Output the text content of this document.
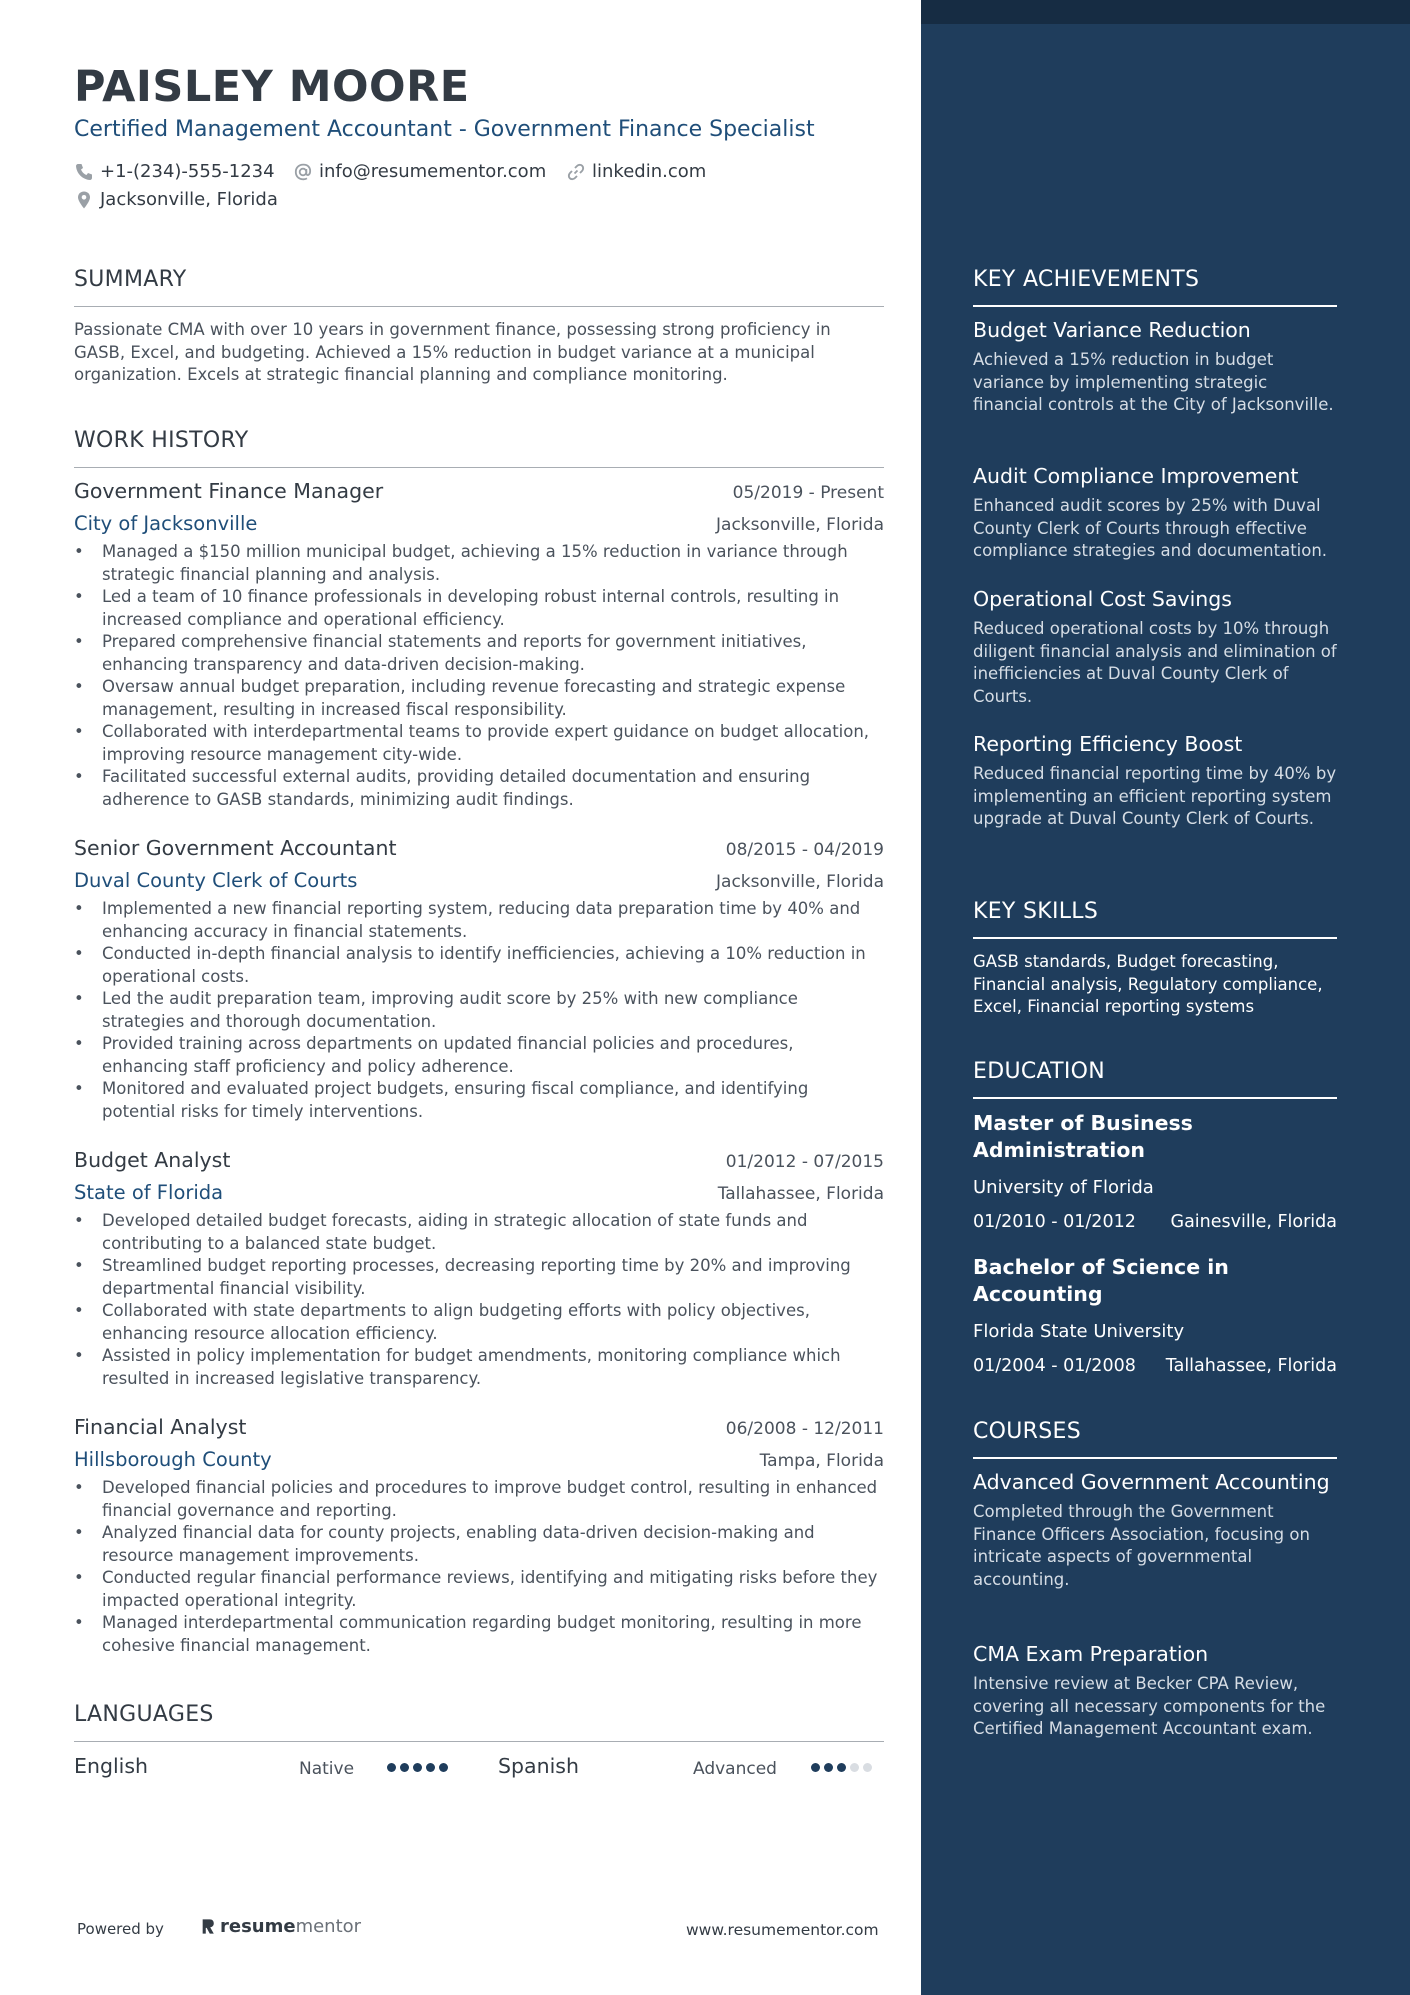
PAISLEY MOORE
Certified Management Accountant - Government Finance Specialist
+1-(234)-555-1234 info@resumementor.com	linkedin.com
Jacksonville, Florida
SUMMARY
Passionate CMA with over 10 years in government finance, possessing strong proficiency in GASB, Excel, and budgeting. Achieved a 15% reduction in budget variance at a municipal organization. Excels at strategic financial planning and compliance monitoring.
WORK HISTORY
Government Finance Manager	05/2019 - Present
City of Jacksonville	Jacksonville, Florida
• Managed a $150 million municipal budget, achieving a 15% reduction in variance through strategic financial planning and analysis.
• Led a team of 10 finance professionals in developing robust internal controls, resulting in increased compliance and operational efficiency.
• Prepared comprehensive financial statements and reports for government initiatives, enhancing transparency and data-driven decision-making.
• Oversaw annual budget preparation, including revenue forecasting and strategic expense management, resulting in increased fiscal responsibility.
• Collaborated with interdepartmental teams to provide expert guidance on budget allocation, improving resource management city-wide.
• Facilitated successful external audits, providing detailed documentation and ensuring adherence to GASB standards, minimizing audit findings.
Senior Government Accountant	08/2015 - 04/2019
Duval County Clerk of Courts	Jacksonville, Florida
• Implemented a new financial reporting system, reducing data preparation time by 40% and enhancing accuracy in financial statements.
• Conducted in-depth financial analysis to identify inefficiencies, achieving a 10% reduction in operational costs.
• Led the audit preparation team, improving audit score by 25% with new compliance strategies and thorough documentation.
• Provided training across departments on updated financial policies and procedures, enhancing staff proficiency and policy adherence.
• Monitored and evaluated project budgets, ensuring fiscal compliance, and identifying potential risks for timely interventions.
Budget Analyst	01/2012 - 07/2015
State of Florida	Tallahassee, Florida
• Developed detailed budget forecasts, aiding in strategic allocation of state funds and contributing to a balanced state budget.
• Streamlined budget reporting processes, decreasing reporting time by 20% and improving departmental financial visibility.
• Collaborated with state departments to align budgeting efforts with policy objectives, enhancing resource allocation efficiency.
• Assisted in policy implementation for budget amendments, monitoring compliance which resulted in increased legislative transparency.
Financial Analyst	06/2008 - 12/2011
Hillsborough County	Tampa, Florida
• Developed financial policies and procedures to improve budget control, resulting in enhanced financial governance and reporting.
• Analyzed financial data for county projects, enabling data-driven decision-making and resource management improvements.
• Conducted regular financial performance reviews, identifying and mitigating risks before they impacted operational integrity.
• Managed interdepartmental communication regarding budget monitoring, resulting in more cohesive financial management.
LANGUAGES
English	Native	Spanish	Advanced
Powered by	resume mentor	www.resumementor.com
KEY ACHIEVEMENTS
Budget Variance Reduction
Achieved a 15% reduction in budget variance by implementing strategic financial controls at the City of Jacksonville.
Audit Compliance Improvement
Enhanced audit scores by 25% with Duval County Clerk of Courts through effective compliance strategies and documentation.
Operational Cost Savings
Reduced operational costs by 10% through diligent financial analysis and elimination of inefficiencies at Duval County Clerk of Courts.
Reporting Efficiency Boost
Reduced financial reporting time by 40% by implementing an efficient reporting system upgrade at Duval County Clerk of Courts.
KEY SKILLS
GASB standards, Budget forecasting, Financial analysis, Regulatory compliance, Excel, Financial reporting systems
EDUCATION
Master of Business Administration
University of Florida
01/2010 - 01/2012 Gainesville, Florida
Bachelor of Science in Accounting
Florida State University
01/2004 - 01/2008 Tallahassee, Florida
COURSES
Advanced Government Accounting
Completed through the Government Finance Officers Association, focusing on intricate aspects of governmental accounting.
CMA Exam Preparation
Intensive review at Becker CPA Review, covering all necessary components for the Certified Management Accountant exam.
